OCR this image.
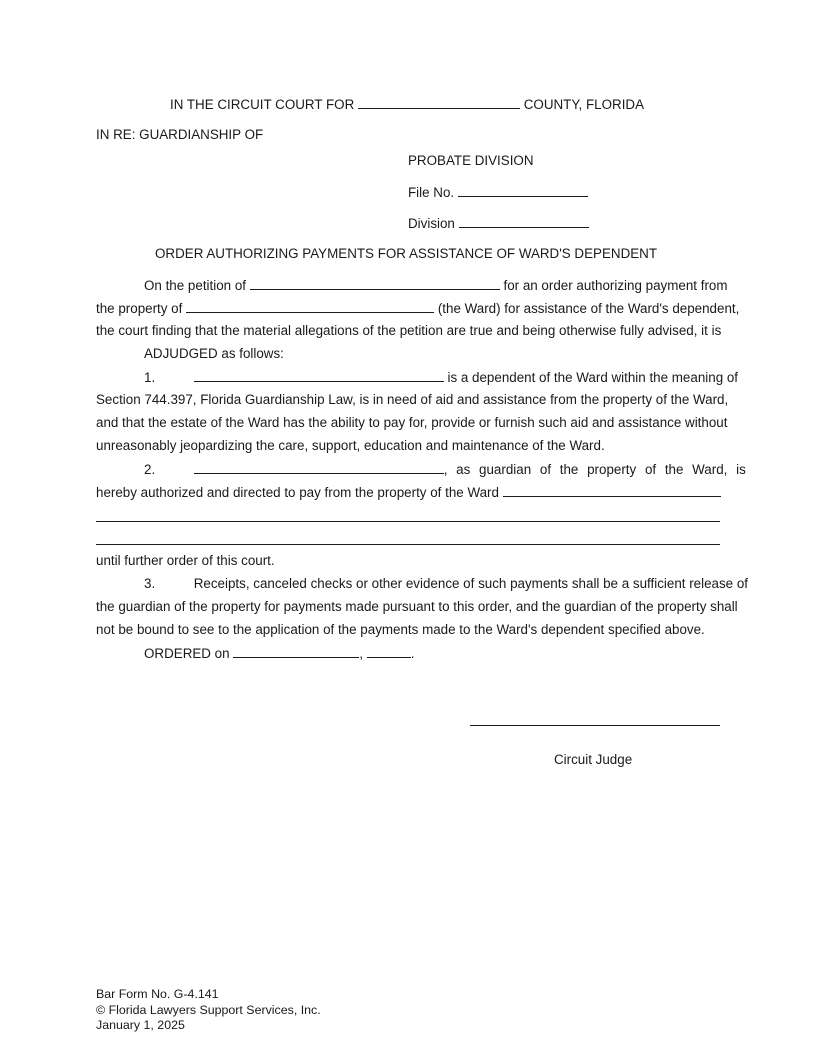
IN THE CIRCUIT COURT FOR	COUNTY, FLORIDA
IN RE: GUARDIANSHIP OF
PROBATE DIVISION
File No.
Division
ORDER AUTHORIZING PAYMENTS FOR ASSISTANCE OF WARD'S DEPENDENT
On the petition of	for an order authorizing payment from
the property of	(the Ward) for assistance of the Ward's dependent,
the court finding that the material allegations of the petition are true and being otherwise fully advised, it is
ADJUDGED as follows:
1.	is a dependent of the Ward within the meaning of
Section 744.397, Florida Guardianship Law, is in need of aid and assistance from the property of the Ward,
and that the estate of the Ward has the ability to pay for, provide or furnish such aid and assistance without
unreasonably jeopardizing the care, support, education and maintenance of the Ward.
2.	, as guardian of the property of the Ward, is
hereby authorized and directed to pay from the property of the Ward
until further order of this court.
3.	Receipts, canceled checks or other evidence of such payments shall be a sufficient release of
the guardian of the property for payments made pursuant to this order, and the guardian of the property shall
not be bound to see to the application of the payments made to the Ward's dependent specified above.
ORDERED on	,	.
Circuit Judge
Bar Form No. G-4.141
© Florida Lawyers Support Services, Inc.
January 1, 2025
